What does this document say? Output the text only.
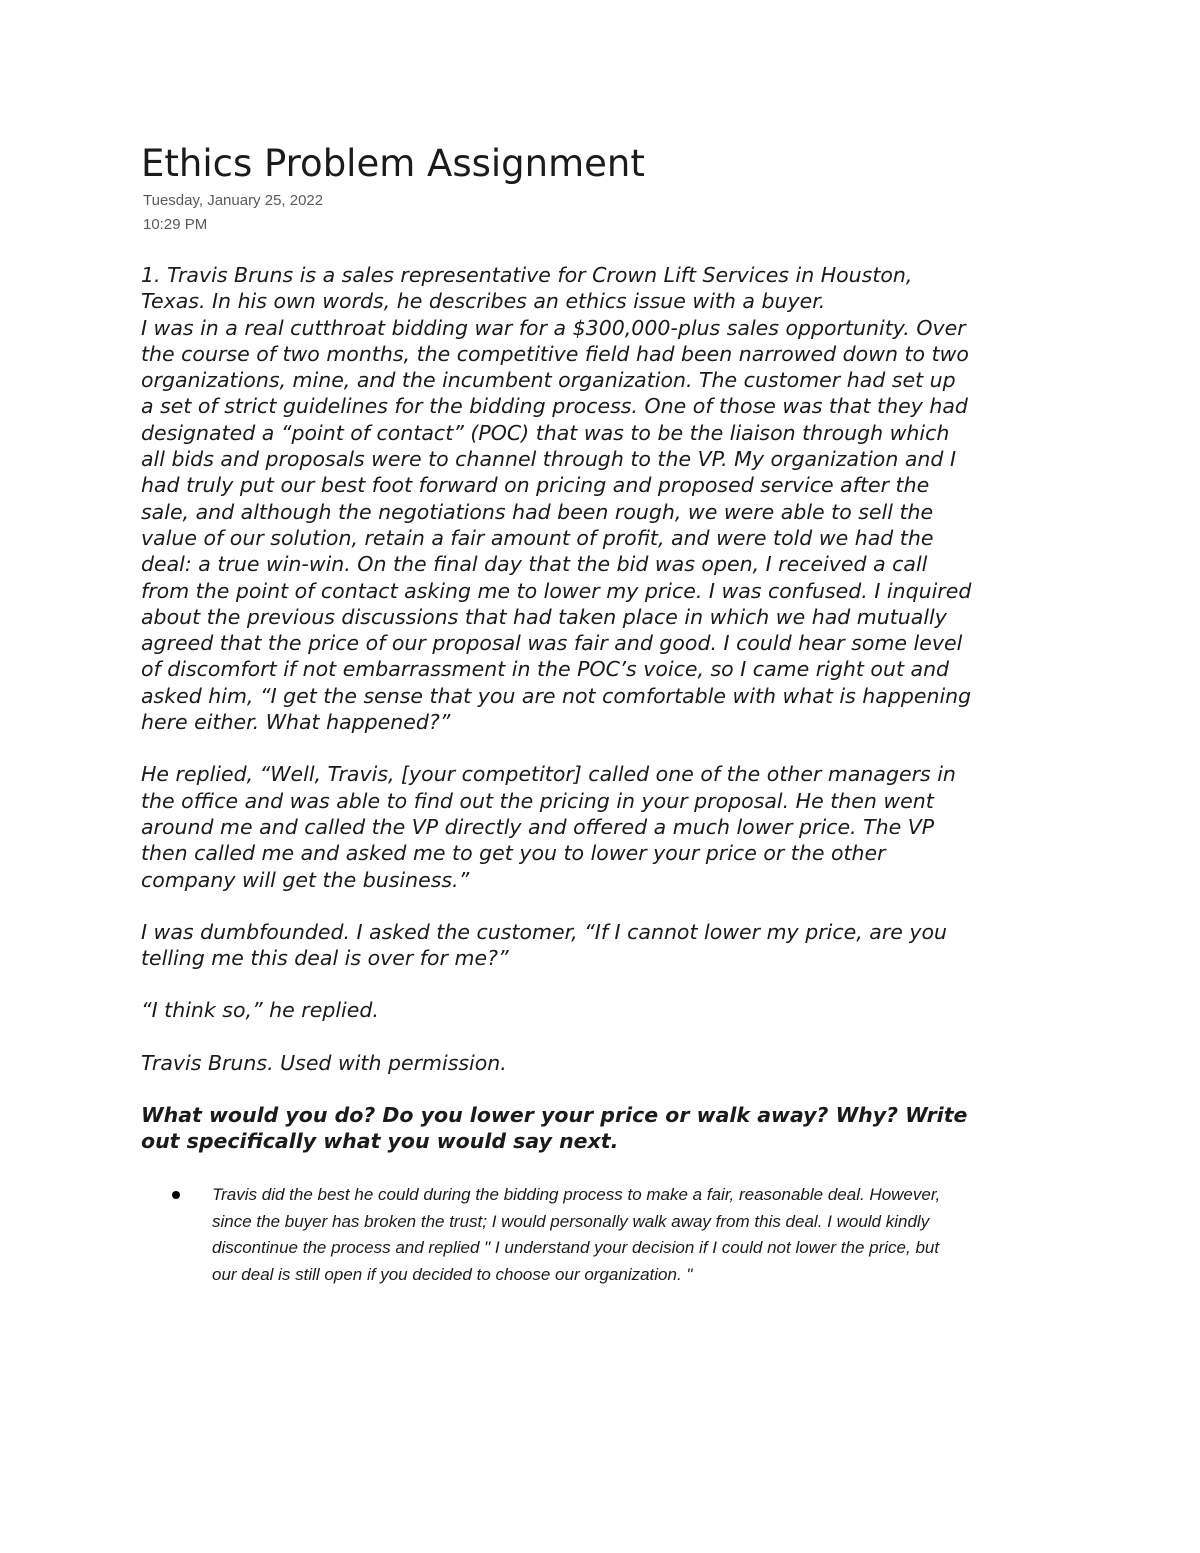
Ethics Problem Assignment
Tuesday, January 25, 2022
10:29 PM

1. Travis Bruns is a sales representative for Crown Lift Services in Houston,
Texas. In his own words, he describes an ethics issue with a buyer.
I was in a real cutthroat bidding war for a $300,000-plus sales opportunity. Over
the course of two months, the competitive field had been narrowed down to two
organizations, mine, and the incumbent organization. The customer had set up
a set of strict guidelines for the bidding process. One of those was that they had
designated a “point of contact” (POC) that was to be the liaison through which
all bids and proposals were to channel through to the VP. My organization and I
had truly put our best foot forward on pricing and proposed service after the
sale, and although the negotiations had been rough, we were able to sell the
value of our solution, retain a fair amount of profit, and were told we had the
deal: a true win-win. On the final day that the bid was open, I received a call
from the point of contact asking me to lower my price. I was confused. I inquired
about the previous discussions that had taken place in which we had mutually
agreed that the price of our proposal was fair and good. I could hear some level
of discomfort if not embarrassment in the POC’s voice, so I came right out and
asked him, “I get the sense that you are not comfortable with what is happening
here either. What happened?”

He replied, “Well, Travis, [your competitor] called one of the other managers in
the office and was able to find out the pricing in your proposal. He then went
around me and called the VP directly and offered a much lower price. The VP
then called me and asked me to get you to lower your price or the other
company will get the business.”

I was dumbfounded. I asked the customer, “If I cannot lower my price, are you
telling me this deal is over for me?”

“I think so,” he replied.

Travis Bruns. Used with permission.

What would you do? Do you lower your price or walk away? Why? Write
out specifically what you would say next.

Travis did the best he could during the bidding process to make a fair, reasonable deal. However,
since the buyer has broken the trust; I would personally walk away from this deal. I would kindly
discontinue the process and replied " I understand your decision if I could not lower the price, but
our deal is still open if you decided to choose our organization. "
